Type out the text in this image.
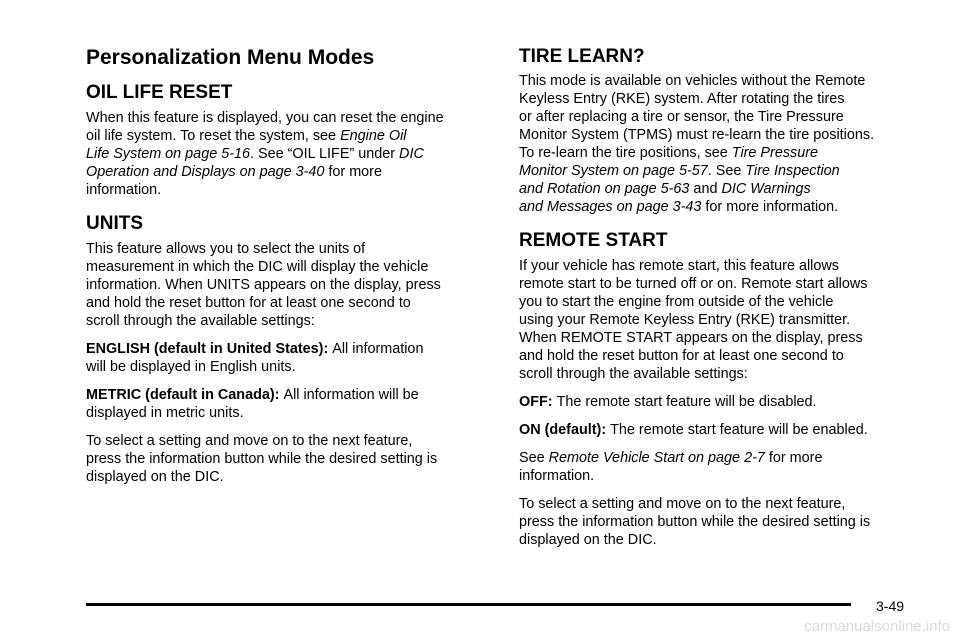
Personalization Menu Modes
OIL LIFE RESET

When this feature is displayed, you can reset the engine
oil life system. To reset the system, see Engine Oil
Life System on page 5-16. See “OIL LIFE” under DIC
Operation and Displays on page 3-40 for more
information.

UNITS

This feature allows you to select the units of
measurement in which the DIC will display the vehicle
information. When UNITS appears on the display, press
and hold the reset button for at least one second to
scroll through the available settings:

ENGLISH (default in United States): All information
will be displayed in English units.

METRIC (default in Canada): All information will be
displayed in metric units.

To select a setting and move on to the next feature,
press the information button while the desired setting is
displayed on the DIC.

TIRE LEARN?

This mode is available on vehicles without the Remote
Keyless Entry (RKE) system. After rotating the tires
or after replacing a tire or sensor, the Tire Pressure
Monitor System (TPMS) must re-learn the tire positions.
To re-learn the tire positions, see Tire Pressure
Monitor System on page 5-57. See Tire Inspection
and Rotation on page 5-63 and DIC Warnings
and Messages on page 3-43 for more information.

REMOTE START

If your vehicle has remote start, this feature allows
remote start to be turned off or on. Remote start allows
you to start the engine from outside of the vehicle
using your Remote Keyless Entry (RKE) transmitter.
When REMOTE START appears on the display, press
and hold the reset button for at least one second to
scroll through the available settings:

OFF: The remote start feature will be disabled.

ON (default): The remote start feature will be enabled.

See Remote Vehicle Start on page 2-7 for more
information.

To select a setting and move on to the next feature,
press the information button while the desired setting is
displayed on the DIC.

3-49
carmanualsonline.info
